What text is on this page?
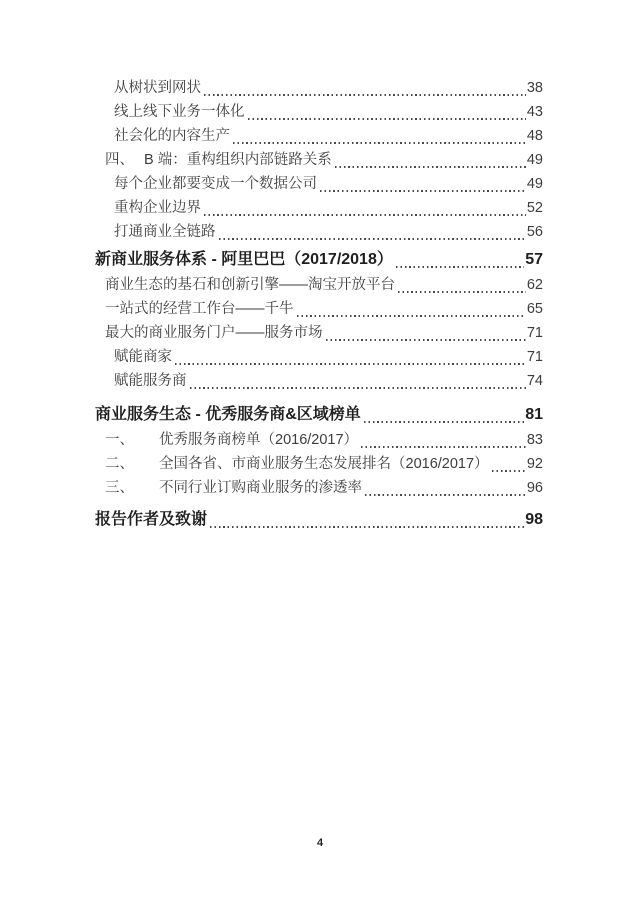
从树状到网状	38
线上线下业务一体化	43
社会化的内容生产	48
四、 B 端：重构组织内部链路关系	49
每个企业都要变成一个数据公司	49
重构企业边界	52
打通商业全链路	56
新商业服务体系 - 阿里巴巴（2017/2018）	57
商业生态的基石和创新引擎——淘宝开放平台	62
一站式的经营工作台——千牛	65
最大的商业服务门户——服务市场	71
赋能商家	71
赋能服务商	74
商业服务生态 - 优秀服务商&区域榜单	81
一、	优秀服务商榜单（2016/2017）	83
二、	全国各省、市商业服务生态发展排名（2016/2017）	92
三、	不同行业订购商业服务的渗透率	96
报告作者及致谢	98
4
